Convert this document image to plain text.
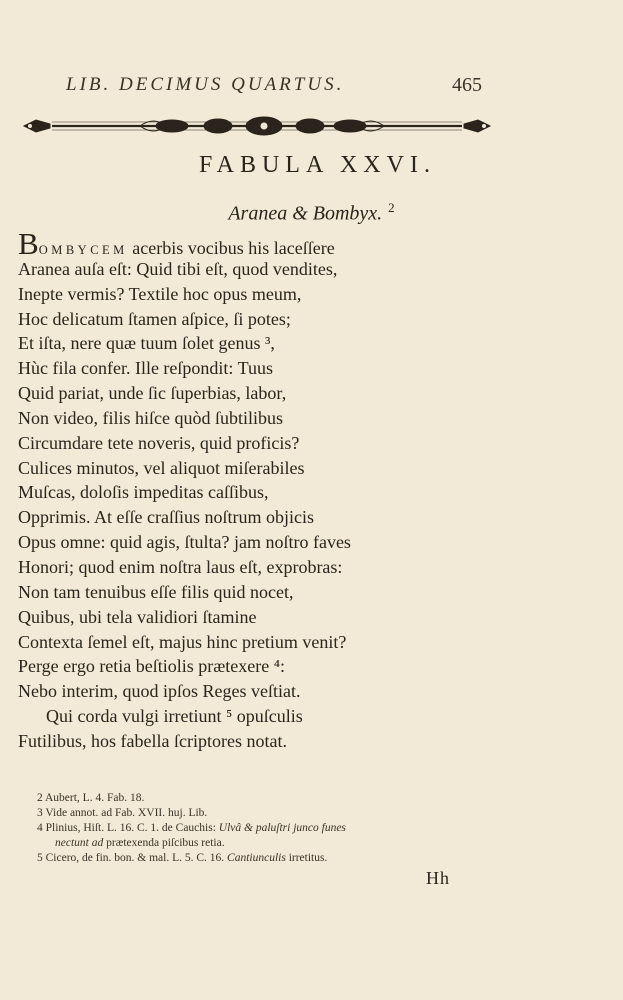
LIB. DECIMUS QUARTUS.	465
FABULA XXVI.
Aranea & Bombyx. $^2$
BOMBYCEM acerbis vocibus his laceſſere
Aranea auſa eſt: Quid tibi eſt, quod vendites,
Inepte vermis? Textile hoc opus meum,
Hoc delicatum ſtamen aſpice, ſi potes;
Et iſta, nere quæ tuum ſolet genus ³,
Hùc fila confer. Ille reſpondit: Tuus
Quid pariat, unde ſic ſuperbias, labor,
Non video, filis hiſce quòd ſubtilibus
Circumdare tete noveris, quid proficis?
Culices minutos, vel aliquot miſerabiles
Muſcas, doloſis impeditas caſſibus,
Opprimis. At eſſe craſſius noſtrum objicis
Opus omne: quid agis, ſtulta? jam noſtro faves
Honori; quod enim noſtra laus eſt, exprobras:
Non tam tenuibus eſſe filis quid nocet,
Quibus, ubi tela validiori ſtamine
Contexta ſemel eſt, majus hinc pretium venit?
Perge ergo retia beſtiolis prætexere ⁴:
Nebo interim, quod ipſos Reges veſtiat.
Qui corda vulgi irretiunt ⁵ opuſculis
Futilibus, hos fabella ſcriptores notat.
2 Aubert, L. 4. Fab. 18.
3 Vide annot. ad Fab. XVII. huj. Lib.
4 Plinius, Hiſt. L. 16. C. 1. de Cauchis: Ulvâ & paluſtri junco funes
nectunt ad prætexenda piſcibus retia.
5 Cicero, de fin. bon. & mal. L. 5. C. 16. Cantiunculis irretitus.
Hh
